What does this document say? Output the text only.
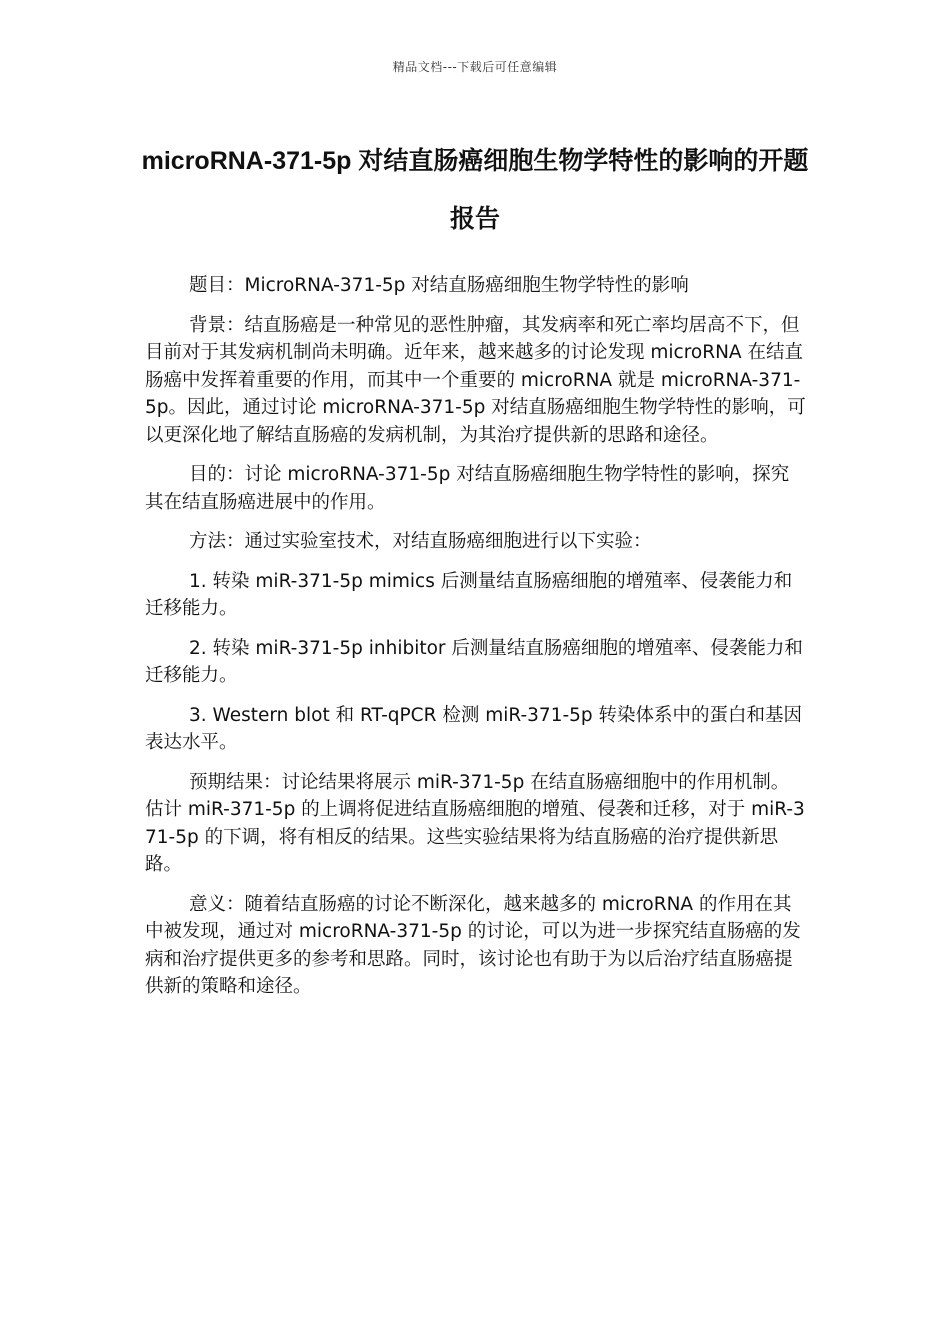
精品文档---下载后可任意编辑
microRNA-371-5p 对结直肠癌细胞生物学特性的影响的开题报告

题目：MicroRNA-371-5p 对结直肠癌细胞生物学特性的影响

背景：结直肠癌是一种常见的恶性肿瘤，其发病率和死亡率均居高不下，但目前对于其发病机制尚未明确。近年来，越来越多的讨论发现 microRNA 在结直肠癌中发挥着重要的作用，而其中一个重要的 microRNA 就是 microRNA-371-5p。因此，通过讨论 microRNA-371-5p 对结直肠癌细胞生物学特性的影响，可以更深化地了解结直肠癌的发病机制，为其治疗提供新的思路和途径。

目的：讨论 microRNA-371-5p 对结直肠癌细胞生物学特性的影响，探究其在结直肠癌进展中的作用。

方法：通过实验室技术，对结直肠癌细胞进行以下实验：

1. 转染 miR-371-5p mimics 后测量结直肠癌细胞的增殖率、侵袭能力和迁移能力。

2. 转染 miR-371-5p inhibitor 后测量结直肠癌细胞的增殖率、侵袭能力和迁移能力。

3. Western blot 和 RT-qPCR 检测 miR-371-5p 转染体系中的蛋白和基因表达水平。

预期结果：讨论结果将展示 miR-371-5p 在结直肠癌细胞中的作用机制。估计 miR-371-5p 的上调将促进结直肠癌细胞的增殖、侵袭和迁移，对于 miR-371-5p 的下调，将有相反的结果。这些实验结果将为结直肠癌的治疗提供新思路。

意义：随着结直肠癌的讨论不断深化，越来越多的 microRNA 的作用在其中被发现，通过对 microRNA-371-5p 的讨论，可以为进一步探究结直肠癌的发病和治疗提供更多的参考和思路。同时，该讨论也有助于为以后治疗结直肠癌提供新的策略和途径。
